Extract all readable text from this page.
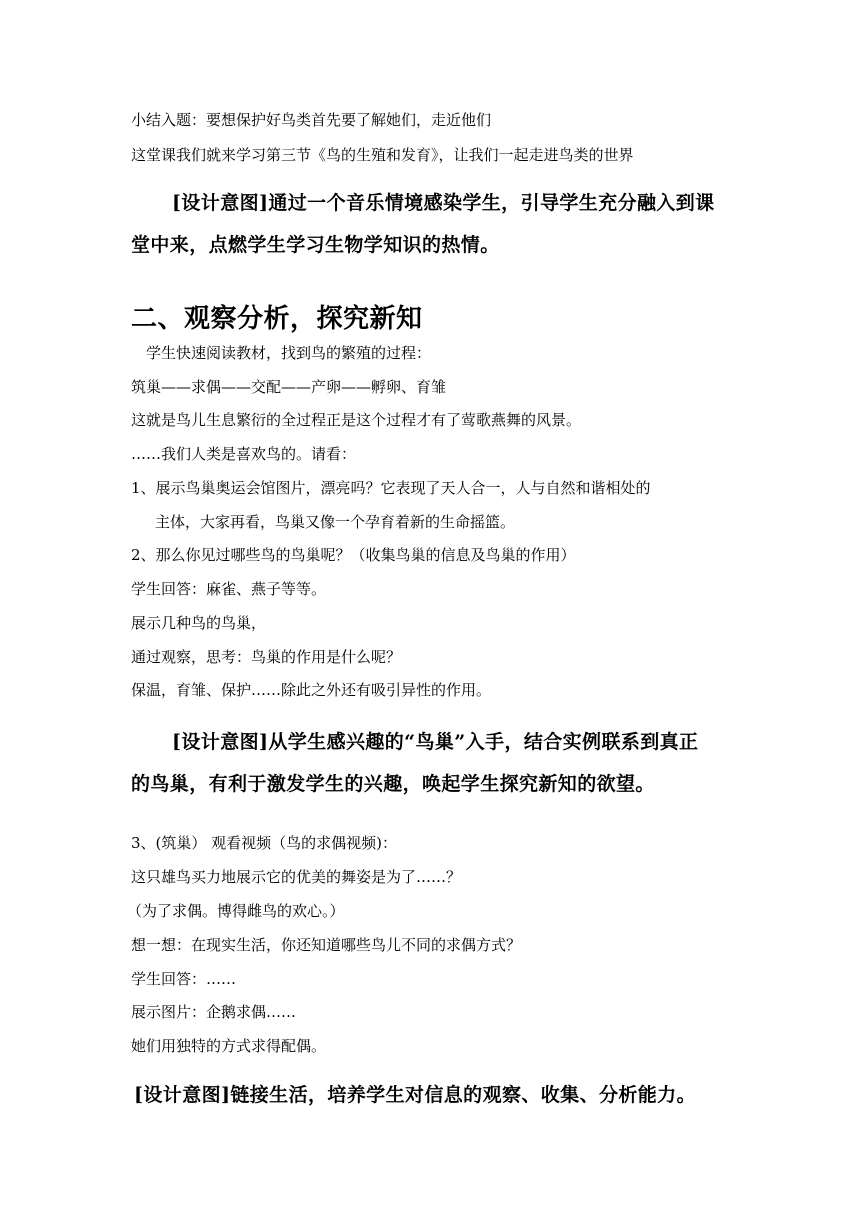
小结入题：要想保护好鸟类首先要了解她们，走近他们
这堂课我们就来学习第三节《鸟的生殖和发育》，让我们一起走进鸟类的世界
[设计意图]通过一个音乐情境感染学生，引导学生充分融入到课
堂中来，点燃学生学习生物学知识的热情。
二、观察分析，探究新知
学生快速阅读教材，找到鸟的繁殖的过程：
筑巢——求偶——交配——产卵——孵卵、育雏
这就是鸟儿生息繁衍的全过程正是这个过程才有了莺歌燕舞的风景。
……我们人类是喜欢鸟的。请看：
1、展示鸟巢奥运会馆图片，漂亮吗？它表现了天人合一，人与自然和谐相处的
主体，大家再看，鸟巢又像一个孕育着新的生命摇篮。
2、那么你见过哪些鸟的鸟巢呢？（收集鸟巢的信息及鸟巢的作用）
学生回答：麻雀、燕子等等。
展示几种鸟的鸟巢，
通过观察，思考：鸟巢的作用是什么呢？
保温，育雏、保护……除此之外还有吸引异性的作用。
[设计意图]从学生感兴趣的“鸟巢”入手，结合实例联系到真正
的鸟巢，有利于激发学生的兴趣，唤起学生探究新知的欲望。
3、(筑巢） 观看视频（鸟的求偶视频)：
这只雄鸟买力地展示它的优美的舞姿是为了……？
（为了求偶。博得雌鸟的欢心。）
想一想：在现实生活，你还知道哪些鸟儿不同的求偶方式？
学生回答：……
展示图片：企鹅求偶……
她们用独特的方式求得配偶。
[设计意图]链接生活，培养学生对信息的观察、收集、分析能力。
